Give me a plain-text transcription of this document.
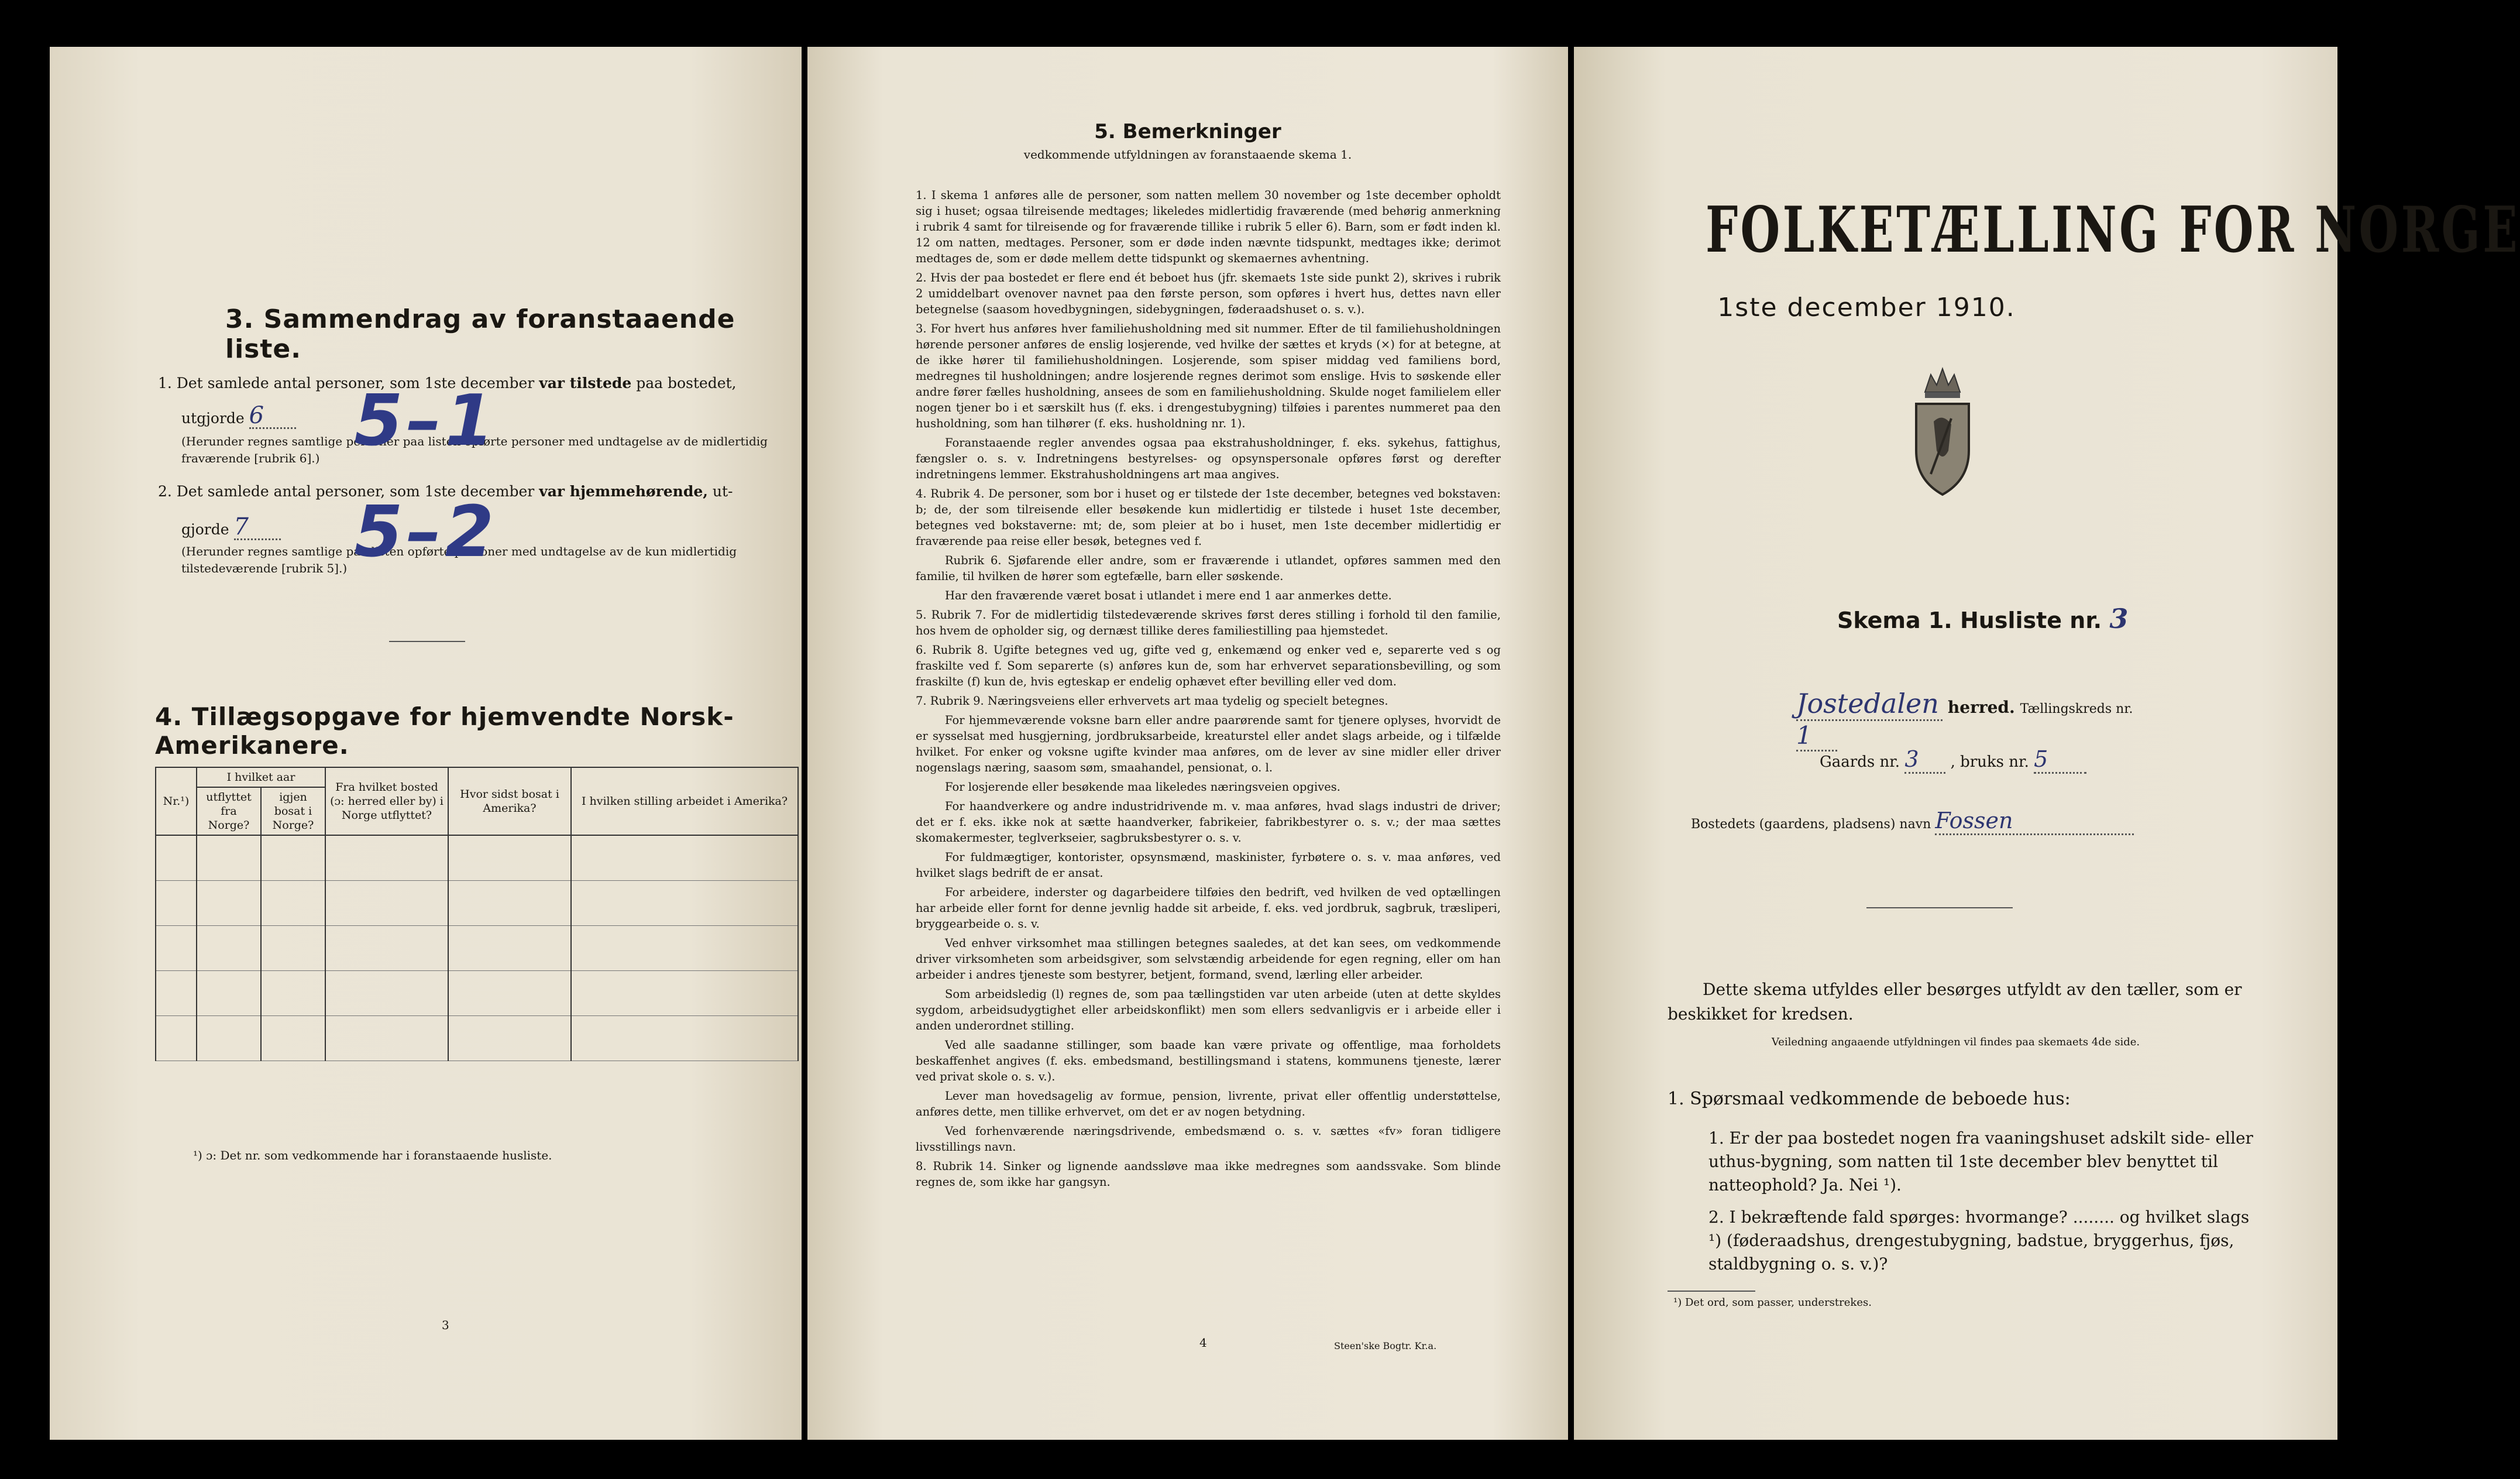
3. Sammendrag av foranstaaende liste.
1. Det samlede antal personer, som 1ste december var tilstede paa bostedet,
utgjorde 6
(Herunder regnes samtlige personer paa listen opførte personer med undtagelse av de midlertidig fraværende [rubrik 6].)
2. Det samlede antal personer, som 1ste december var hjemmehørende, ut-
gjorde 7
(Herunder regnes samtlige paa listen opførte personer med undtagelse av de kun midlertidig tilstedeværende [rubrik 5].)
5–1
5–2
4. Tillægsopgave for hjemvendte Norsk-Amerikanere.
Nr.¹)	I hvilket aar		Fra hvilket bosted (ɔ: herred eller by) i Norge utflyttet?	Hvor sidst bosat i Amerika?	I hvilken stilling arbeidet i Amerika?
	utflyttet fra Norge?	igjen bosat i Norge?			

¹) ɔ: Det nr. som vedkommende har i foranstaaende husliste.
3
5. Bemerkninger
vedkommende utfyldningen av foranstaaende skema 1.

1. I skema 1 anføres alle de personer, som natten mellem 30 november og 1ste december opholdt sig i huset; ogsaa tilreisende medtages; likeledes midlertidig fraværende (med behørig anmerkning i rubrik 4 samt for tilreisende og for fraværende tillike i rubrik 5 eller 6). Barn, som er født inden kl. 12 om natten, medtages. Personer, som er døde inden nævnte tidspunkt, medtages ikke; derimot medtages de, som er døde mellem dette tidspunkt og skemaernes avhentning.

2. Hvis der paa bostedet er flere end ét beboet hus (jfr. skemaets 1ste side punkt 2), skrives i rubrik 2 umiddelbart ovenover navnet paa den første person, som opføres i hvert hus, dettes navn eller betegnelse (saasom hovedbygningen, sidebygningen, føderaadshuset o. s. v.).

3. For hvert hus anføres hver familiehusholdning med sit nummer. Efter de til familiehusholdningen hørende personer anføres de enslig losjerende, ved hvilke der sættes et kryds (×) for at betegne, at de ikke hører til familiehusholdningen. Losjerende, som spiser middag ved familiens bord, medregnes til husholdningen; andre losjerende regnes derimot som enslige. Hvis to søskende eller andre fører fælles husholdning, ansees de som en familiehusholdning. Skulde noget familielem eller nogen tjener bo i et særskilt hus (f. eks. i drengestubygning) tilføies i parentes nummeret paa den husholdning, som han tilhører (f. eks. husholdning nr. 1).

Foranstaaende regler anvendes ogsaa paa ekstrahusholdninger, f. eks. sykehus, fattighus, fængsler o. s. v. Indretningens bestyrelses- og opsynspersonale opføres først og derefter indretningens lemmer. Ekstrahusholdningens art maa angives.

4. Rubrik 4. De personer, som bor i huset og er tilstede der 1ste december, betegnes ved bokstaven: b; de, der som tilreisende eller besøkende kun midlertidig er tilstede i huset 1ste december, betegnes ved bokstaverne: mt; de, som pleier at bo i huset, men 1ste december midlertidig er fraværende paa reise eller besøk, betegnes ved f.

Rubrik 6. Sjøfarende eller andre, som er fraværende i utlandet, opføres sammen med den familie, til hvilken de hører som egtefælle, barn eller søskende.

Har den fraværende været bosat i utlandet i mere end 1 aar anmerkes dette.

5. Rubrik 7. For de midlertidig tilstedeværende skrives først deres stilling i forhold til den familie, hos hvem de opholder sig, og dernæst tillike deres familiestilling paa hjemstedet.

6. Rubrik 8. Ugifte betegnes ved ug, gifte ved g, enkemænd og enker ved e, separerte ved s og fraskilte ved f. Som separerte (s) anføres kun de, som har erhvervet separationsbevilling, og som fraskilte (f) kun de, hvis egteskap er endelig ophævet efter bevilling eller ved dom.

7. Rubrik 9. Næringsveiens eller erhvervets art maa tydelig og specielt betegnes.

For hjemmeværende voksne barn eller andre paarørende samt for tjenere oplyses, hvorvidt de er sysselsat med husgjerning, jordbruksarbeide, kreaturstel eller andet slags arbeide, og i tilfælde hvilket. For enker og voksne ugifte kvinder maa anføres, om de lever av sine midler eller driver nogenslags næring, saasom søm, smaahandel, pensionat, o. l.

For losjerende eller besøkende maa likeledes næringsveien opgives.

For haandverkere og andre industridrivende m. v. maa anføres, hvad slags industri de driver; det er f. eks. ikke nok at sætte haandverker, fabrikeier, fabrikbestyrer o. s. v.; der maa sættes skomakermester, teglverkseier, sagbruksbestyrer o. s. v.

For fuldmægtiger, kontorister, opsynsmænd, maskinister, fyrbøtere o. s. v. maa anføres, ved hvilket slags bedrift de er ansat.

For arbeidere, inderster og dagarbeidere tilføies den bedrift, ved hvilken de ved optællingen har arbeide eller fornt for denne jevnlig hadde sit arbeide, f. eks. ved jordbruk, sagbruk, træsliperi, bryggearbeide o. s. v.

Ved enhver virksomhet maa stillingen betegnes saaledes, at det kan sees, om vedkommende driver virksomheten som arbeidsgiver, som selvstændig arbeidende for egen regning, eller om han arbeider i andres tjeneste som bestyrer, betjent, formand, svend, lærling eller arbeider.

Som arbeidsledig (l) regnes de, som paa tællingstiden var uten arbeide (uten at dette skyldes sygdom, arbeidsudygtighet eller arbeidskonflikt) men som ellers sedvanligvis er i arbeide eller i anden underordnet stilling.

Ved alle saadanne stillinger, som baade kan være private og offentlige, maa forholdets beskaffenhet angives (f. eks. embedsmand, bestillingsmand i statens, kommunens tjeneste, lærer ved privat skole o. s. v.).

Lever man hovedsagelig av formue, pension, livrente, privat eller offentlig understøttelse, anføres dette, men tillike erhvervet, om det er av nogen betydning.

Ved forhenværende næringsdrivende, embedsmænd o. s. v. sættes «fv» foran tidligere livsstillings navn.

8. Rubrik 14. Sinker og lignende aandssløve maa ikke medregnes som aandssvake. Som blinde regnes de, som ikke har gangsyn.

4	Steen'ske Bogtr. Kr.a.
FOLKETÆLLING FOR NORGE
1ste december 1910.
Skema 1. Husliste nr. 3
Jostedalen herred. Tællingskreds nr. 1
Gaards nr. 3 , bruks nr. 5
Bostedets (gaardens, pladsens) navn Fossen
Dette skema utfyldes eller besørges utfyldt av den tæller, som er beskikket for kredsen.
Veiledning angaaende utfyldningen vil findes paa skemaets 4de side.
1. Spørsmaal vedkommende de beboede hus:
1. Er der paa bostedet nogen fra vaaningshuset adskilt side- eller uthus-bygning, som natten til 1ste december blev benyttet til natteophold? Ja. Nei ¹).
2. I bekræftende fald spørges: hvormange? ........ og hvilket slags ¹) (føderaadshus, drengestubygning, badstue, bryggerhus, fjøs, staldbygning o. s. v.)?
¹) Det ord, som passer, understrekes.
